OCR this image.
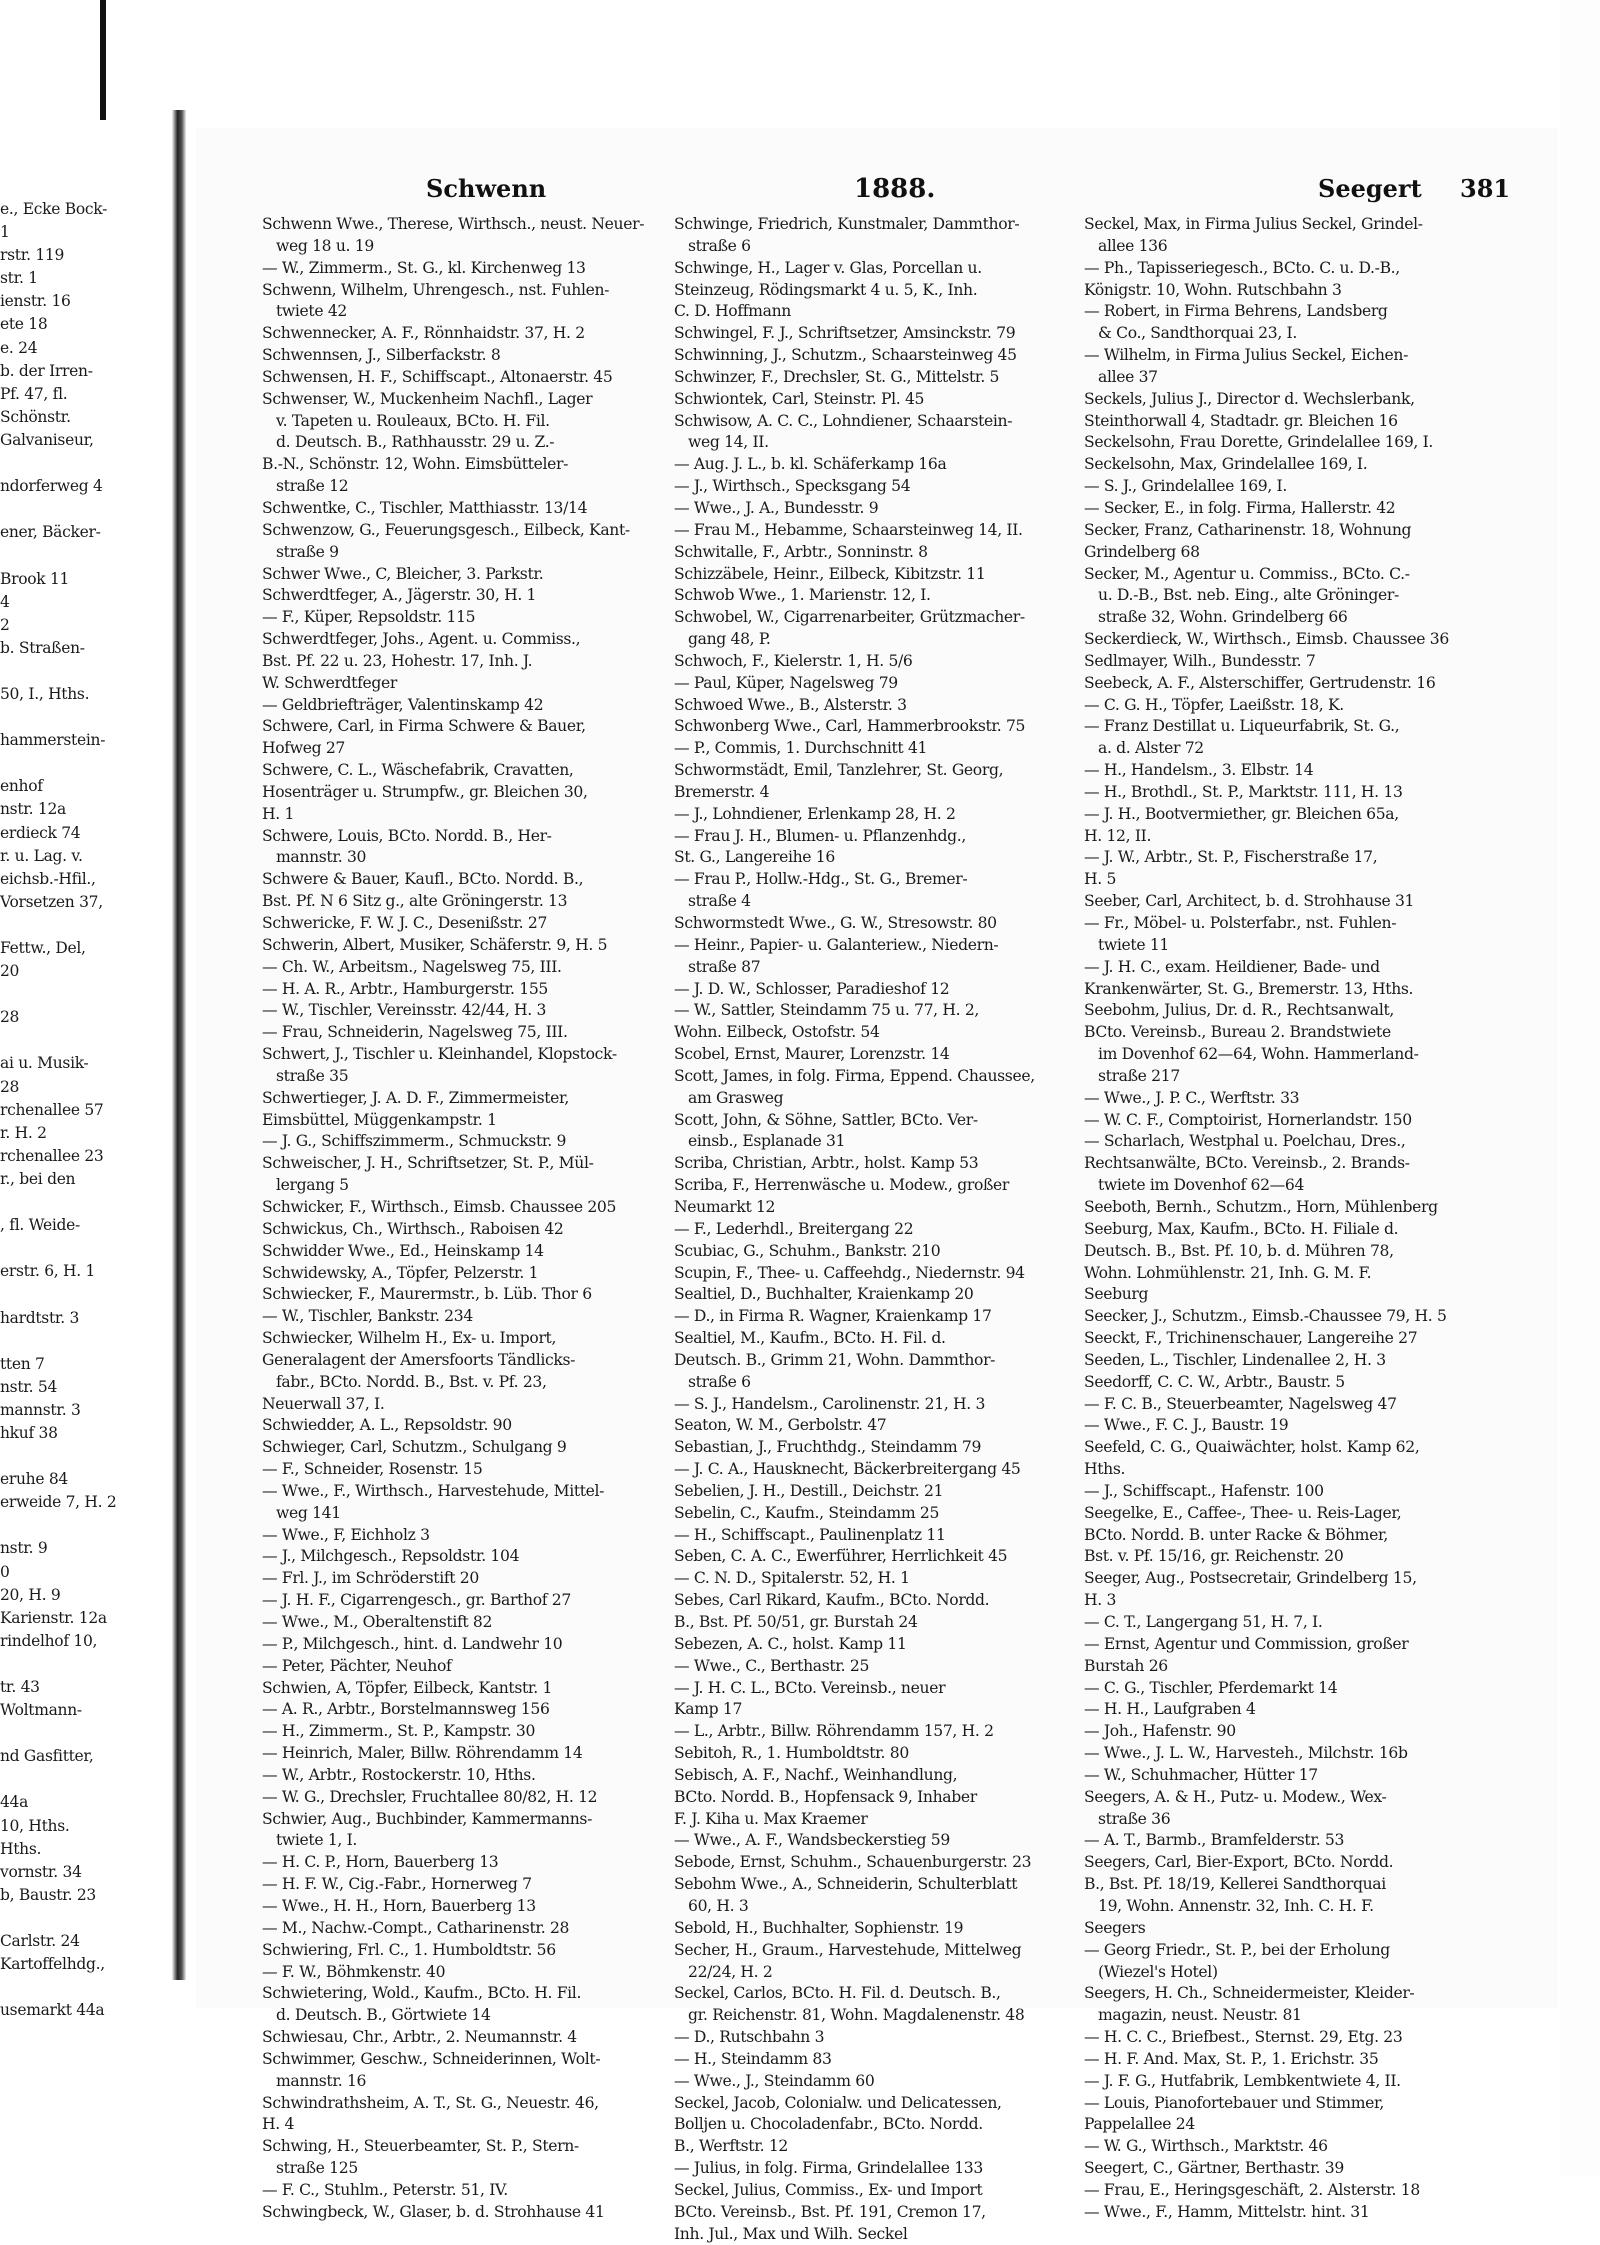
e., Ecke Bock-
1
rstr. 119
str. 1
ienstr. 16
ete 18
e. 24
b. der Irren-
Pf. 47, fl.
Schönstr.
Galvaniseur,
ndorferweg 4
ener, Bäcker-
Brook 11
4
2
b. Straßen-
50, I., Hths.
hammerstein-
enhof
nstr. 12a
erdieck 74
r. u. Lag. v.
eichsb.-Hfil.,
Vorsetzen 37,
Fettw., Del,
20
28
ai u. Musik-
28
rchenallee 57
r. H. 2
rchenallee 23
r., bei den
, fl. Weide-
erstr. 6, H. 1
hardtstr. 3
tten 7
nstr. 54
mannstr. 3
hkuf 38
eruhe 84
erweide 7, H. 2
nstr. 9
0
20, H. 9
Karienstr. 12a
rindelhof 10,
tr. 43
Woltmann-
nd Gasfitter,
44a
10, Hths.
Hths.
vornstr. 34
b, Baustr. 23
Carlstr. 24
Kartoffelhdg.,
usemarkt 44a
Schwenn	1888.	Seegert 381
Schwenn Wwe., Therese, Wirthsch., neust. Neuer-
weg 18 u. 19
— W., Zimmerm., St. G., kl. Kirchenweg 13
Schwenn, Wilhelm, Uhrengesch., nst. Fuhlen-
twiete 42
Schwennecker, A. F., Rönnhaidstr. 37, H. 2
Schwennsen, J., Silberfackstr. 8
Schwensen, H. F., Schiffscapt., Altonaerstr. 45
Schwenser, W., Muckenheim Nachfl., Lager
v. Tapeten u. Rouleaux, BCto. H. Fil.
d. Deutsch. B., Rathhausstr. 29 u. Z.-
B.-N., Schönstr. 12, Wohn. Eimsbütteler-
straße 12
Schwentke, C., Tischler, Matthiasstr. 13/14
Schwenzow, G., Feuerungsgesch., Eilbeck, Kant-
straße 9
Schwer Wwe., C, Bleicher, 3. Parkstr.
Schwerdtfeger, A., Jägerstr. 30, H. 1
— F., Küper, Repsoldstr. 115
Schwerdtfeger, Johs., Agent. u. Commiss.,
Bst. Pf. 22 u. 23, Hohestr. 17, Inh. J.
W. Schwerdtfeger
— Geldbriefträger, Valentinskamp 42
Schwere, Carl, in Firma Schwere & Bauer,
Hofweg 27
Schwere, C. L., Wäschefabrik, Cravatten,
Hosenträger u. Strumpfw., gr. Bleichen 30,
H. 1
Schwere, Louis, BCto. Nordd. B., Her-
mannstr. 30
Schwere & Bauer, Kaufl., BCto. Nordd. B.,
Bst. Pf. N 6 Sitz g., alte Gröningerstr. 13
Schwericke, F. W. J. C., Desenißstr. 27
Schwerin, Albert, Musiker, Schäferstr. 9, H. 5
— Ch. W., Arbeitsm., Nagelsweg 75, III.
— H. A. R., Arbtr., Hamburgerstr. 155
— W., Tischler, Vereinsstr. 42/44, H. 3
— Frau, Schneiderin, Nagelsweg 75, III.
Schwert, J., Tischler u. Kleinhandel, Klopstock-
straße 35
Schwertieger, J. A. D. F., Zimmermeister,
Eimsbüttel, Müggenkampstr. 1
— J. G., Schiffszimmerm., Schmuckstr. 9
Schweischer, J. H., Schriftsetzer, St. P., Mül-
lergang 5
Schwicker, F., Wirthsch., Eimsb. Chaussee 205
Schwickus, Ch., Wirthsch., Raboisen 42
Schwidder Wwe., Ed., Heinskamp 14
Schwidewsky, A., Töpfer, Pelzerstr. 1
Schwiecker, F., Maurermstr., b. Lüb. Thor 6
— W., Tischler, Bankstr. 234
Schwiecker, Wilhelm H., Ex- u. Import,
Generalagent der Amersfoorts Tändlicks-
fabr., BCto. Nordd. B., Bst. v. Pf. 23,
Neuerwall 37, I.
Schwiedder, A. L., Repsoldstr. 90
Schwieger, Carl, Schutzm., Schulgang 9
— F., Schneider, Rosenstr. 15
— Wwe., F., Wirthsch., Harvestehude, Mittel-
weg 141
— Wwe., F, Eichholz 3
— J., Milchgesch., Repsoldstr. 104
— Frl. J., im Schröderstift 20
— J. H. F., Cigarrengesch., gr. Barthof 27
— Wwe., M., Oberaltenstift 82
— P., Milchgesch., hint. d. Landwehr 10
— Peter, Pächter, Neuhof
Schwien, A, Töpfer, Eilbeck, Kantstr. 1
— A. R., Arbtr., Borstelmannsweg 156
— H., Zimmerm., St. P., Kampstr. 30
— Heinrich, Maler, Billw. Röhrendamm 14
— W., Arbtr., Rostockerstr. 10, Hths.
— W. G., Drechsler, Fruchtallee 80/82, H. 12
Schwier, Aug., Buchbinder, Kammermanns-
twiete 1, I.
— H. C. P., Horn, Bauerberg 13
— H. F. W., Cig.-Fabr., Hornerweg 7
— Wwe., H. H., Horn, Bauerberg 13
— M., Nachw.-Compt., Catharinenstr. 28
Schwiering, Frl. C., 1. Humboldtstr. 56
— F. W., Böhmkenstr. 40
Schwietering, Wold., Kaufm., BCto. H. Fil.
d. Deutsch. B., Görtwiete 14
Schwiesau, Chr., Arbtr., 2. Neumannstr. 4
Schwimmer, Geschw., Schneiderinnen, Wolt-
mannstr. 16
Schwindrathsheim, A. T., St. G., Neuestr. 46,
H. 4
Schwing, H., Steuerbeamter, St. P., Stern-
straße 125
— F. C., Stuhlm., Peterstr. 51, IV.
Schwingbeck, W., Glaser, b. d. Strohhause 41
Schwinge, Friedrich, Kunstmaler, Dammthor-
straße 6
Schwinge, H., Lager v. Glas, Porcellan u.
Steinzeug, Rödingsmarkt 4 u. 5, K., Inh.
C. D. Hoffmann
Schwingel, F. J., Schriftsetzer, Amsinckstr. 79
Schwinning, J., Schutzm., Schaarsteinweg 45
Schwinzer, F., Drechsler, St. G., Mittelstr. 5
Schwiontek, Carl, Steinstr. Pl. 45
Schwisow, A. C. C., Lohndiener, Schaarstein-
weg 14, II.
— Aug. J. L., b. kl. Schäferkamp 16a
— J., Wirthsch., Specksgang 54
— Wwe., J. A., Bundesstr. 9
— Frau M., Hebamme, Schaarsteinweg 14, II.
Schwitalle, F., Arbtr., Sonninstr. 8
Schizzäbele, Heinr., Eilbeck, Kibitzstr. 11
Schwob Wwe., 1. Marienstr. 12, I.
Schwobel, W., Cigarrenarbeiter, Grützmacher-
gang 48, P.
Schwoch, F., Kielerstr. 1, H. 5/6
— Paul, Küper, Nagelsweg 79
Schwoed Wwe., B., Alsterstr. 3
Schwonberg Wwe., Carl, Hammerbrookstr. 75
— P., Commis, 1. Durchschnitt 41
Schwormstädt, Emil, Tanzlehrer, St. Georg,
Bremerstr. 4
— J., Lohndiener, Erlenkamp 28, H. 2
— Frau J. H., Blumen- u. Pflanzenhdg.,
St. G., Langereihe 16
— Frau P., Hollw.-Hdg., St. G., Bremer-
straße 4
Schwormstedt Wwe., G. W., Stresowstr. 80
— Heinr., Papier- u. Galanteriew., Niedern-
straße 87
— J. D. W., Schlosser, Paradieshof 12
— W., Sattler, Steindamm 75 u. 77, H. 2,
Wohn. Eilbeck, Ostofstr. 54
Scobel, Ernst, Maurer, Lorenzstr. 14
Scott, James, in folg. Firma, Eppend. Chaussee,
am Grasweg
Scott, John, & Söhne, Sattler, BCto. Ver-
einsb., Esplanade 31
Scriba, Christian, Arbtr., holst. Kamp 53
Scriba, F., Herrenwäsche u. Modew., großer
Neumarkt 12
— F., Lederhdl., Breitergang 22
Scubiac, G., Schuhm., Bankstr. 210
Scupin, F., Thee- u. Caffeehdg., Niedernstr. 94
Sealtiel, D., Buchhalter, Kraienkamp 20
— D., in Firma R. Wagner, Kraienkamp 17
Sealtiel, M., Kaufm., BCto. H. Fil. d.
Deutsch. B., Grimm 21, Wohn. Dammthor-
straße 6
— S. J., Handelsm., Carolinenstr. 21, H. 3
Seaton, W. M., Gerbolstr. 47
Sebastian, J., Fruchthdg., Steindamm 79
— J. C. A., Hausknecht, Bäckerbreitergang 45
Sebelien, J. H., Destill., Deichstr. 21
Sebelin, C., Kaufm., Steindamm 25
— H., Schiffscapt., Paulinenplatz 11
Seben, C. A. C., Ewerführer, Herrlichkeit 45
— C. N. D., Spitalerstr. 52, H. 1
Sebes, Carl Rikard, Kaufm., BCto. Nordd.
B., Bst. Pf. 50/51, gr. Burstah 24
Sebezen, A. C., holst. Kamp 11
— Wwe., C., Berthastr. 25
— J. H. C. L., BCto. Vereinsb., neuer
Kamp 17
— L., Arbtr., Billw. Röhrendamm 157, H. 2
Sebitoh, R., 1. Humboldtstr. 80
Sebisch, A. F., Nachf., Weinhandlung,
BCto. Nordd. B., Hopfensack 9, Inhaber
F. J. Kiha u. Max Kraemer
— Wwe., A. F., Wandsbeckerstieg 59
Sebode, Ernst, Schuhm., Schauenburgerstr. 23
Sebohm Wwe., A., Schneiderin, Schulterblatt
60, H. 3
Sebold, H., Buchhalter, Sophienstr. 19
Secher, H., Graum., Harvestehude, Mittelweg
22/24, H. 2
Seckel, Carlos, BCto. H. Fil. d. Deutsch. B.,
gr. Reichenstr. 81, Wohn. Magdalenenstr. 48
— D., Rutschbahn 3
— H., Steindamm 83
— Wwe., J., Steindamm 60
Seckel, Jacob, Colonialw. und Delicatessen,
Bolljen u. Chocoladenfabr., BCto. Nordd.
B., Werftstr. 12
— Julius, in folg. Firma, Grindelallee 133
Seckel, Julius, Commiss., Ex- und Import
BCto. Vereinsb., Bst. Pf. 191, Cremon 17,
Inh. Jul., Max und Wilh. Seckel
Seckel, Max, in Firma Julius Seckel, Grindel-
allee 136
— Ph., Tapisseriegesch., BCto. C. u. D.-B.,
Königstr. 10, Wohn. Rutschbahn 3
— Robert, in Firma Behrens, Landsberg
& Co., Sandthorquai 23, I.
— Wilhelm, in Firma Julius Seckel, Eichen-
allee 37
Seckels, Julius J., Director d. Wechslerbank,
Steinthorwall 4, Stadtadr. gr. Bleichen 16
Seckelsohn, Frau Dorette, Grindelallee 169, I.
Seckelsohn, Max, Grindelallee 169, I.
— S. J., Grindelallee 169, I.
— Secker, E., in folg. Firma, Hallerstr. 42
Secker, Franz, Catharinenstr. 18, Wohnung
Grindelberg 68
Secker, M., Agentur u. Commiss., BCto. C.-
u. D.-B., Bst. neb. Eing., alte Gröninger-
straße 32, Wohn. Grindelberg 66
Seckerdieck, W., Wirthsch., Eimsb. Chaussee 36
Sedlmayer, Wilh., Bundesstr. 7
Seebeck, A. F., Alsterschiffer, Gertrudenstr. 16
— C. G. H., Töpfer, Laeißstr. 18, K.
— Franz Destillat u. Liqueurfabrik, St. G.,
a. d. Alster 72
— H., Handelsm., 3. Elbstr. 14
— H., Brothdl., St. P., Marktstr. 111, H. 13
— J. H., Bootvermiether, gr. Bleichen 65a,
H. 12, II.
— J. W., Arbtr., St. P., Fischerstraße 17,
H. 5
Seeber, Carl, Architect, b. d. Strohhause 31
— Fr., Möbel- u. Polsterfabr., nst. Fuhlen-
twiete 11
— J. H. C., exam. Heildiener, Bade- und
Krankenwärter, St. G., Bremerstr. 13, Hths.
Seebohm, Julius, Dr. d. R., Rechtsanwalt,
BCto. Vereinsb., Bureau 2. Brandstwiete
im Dovenhof 62—64, Wohn. Hammerland-
straße 217
— Wwe., J. P. C., Werftstr. 33
— W. C. F., Comptoirist, Hornerlandstr. 150
— Scharlach, Westphal u. Poelchau, Dres.,
Rechtsanwälte, BCto. Vereinsb., 2. Brands-
twiete im Dovenhof 62—64
Seeboth, Bernh., Schutzm., Horn, Mühlenberg
Seeburg, Max, Kaufm., BCto. H. Filiale d.
Deutsch. B., Bst. Pf. 10, b. d. Mühren 78,
Wohn. Lohmühlenstr. 21, Inh. G. M. F.
Seeburg
Seecker, J., Schutzm., Eimsb.-Chaussee 79, H. 5
Seeckt, F., Trichinenschauer, Langereihe 27
Seeden, L., Tischler, Lindenallee 2, H. 3
Seedorff, C. C. W., Arbtr., Baustr. 5
— F. C. B., Steuerbeamter, Nagelsweg 47
— Wwe., F. C. J., Baustr. 19
Seefeld, C. G., Quaiwächter, holst. Kamp 62,
Hths.
— J., Schiffscapt., Hafenstr. 100
Seegelke, E., Caffee-, Thee- u. Reis-Lager,
BCto. Nordd. B. unter Racke & Böhmer,
Bst. v. Pf. 15/16, gr. Reichenstr. 20
Seeger, Aug., Postsecretair, Grindelberg 15,
H. 3
— C. T., Langergang 51, H. 7, I.
— Ernst, Agentur und Commission, großer
Burstah 26
— C. G., Tischler, Pferdemarkt 14
— H. H., Laufgraben 4
— Joh., Hafenstr. 90
— Wwe., J. L. W., Harvesteh., Milchstr. 16b
— W., Schuhmacher, Hütter 17
Seegers, A. & H., Putz- u. Modew., Wex-
straße 36
— A. T., Barmb., Bramfelderstr. 53
Seegers, Carl, Bier-Export, BCto. Nordd.
B., Bst. Pf. 18/19, Kellerei Sandthorquai
19, Wohn. Annenstr. 32, Inh. C. H. F.
Seegers
— Georg Friedr., St. P., bei der Erholung
(Wiezel's Hotel)
Seegers, H. Ch., Schneidermeister, Kleider-
magazin, neust. Neustr. 81
— H. C. C., Briefbest., Sternst. 29, Etg. 23
— H. F. And. Max, St. P., 1. Erichstr. 35
— J. F. G., Hutfabrik, Lembkentwiete 4, II.
— Louis, Pianofortebauer und Stimmer,
Pappelallee 24
— W. G., Wirthsch., Marktstr. 46
Seegert, C., Gärtner, Berthastr. 39
— Frau, E., Heringsgeschäft, 2. Alsterstr. 18
— Wwe., F., Hamm, Mittelstr. hint. 31
